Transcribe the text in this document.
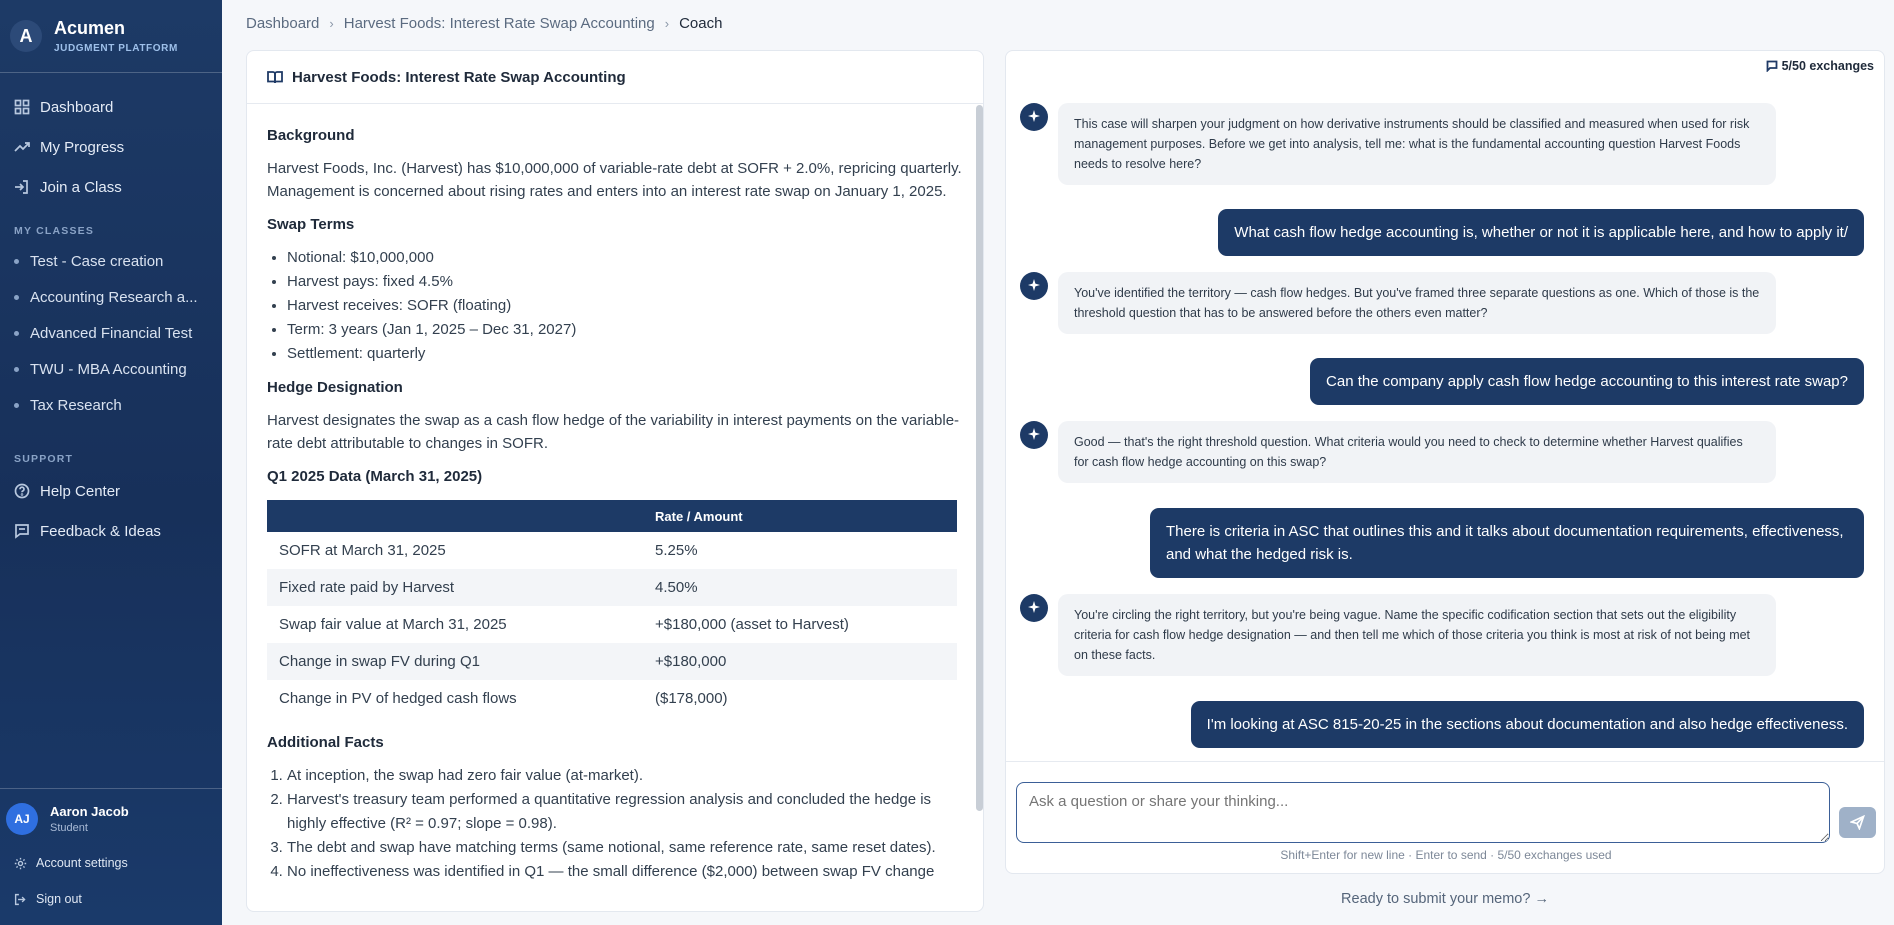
A	Acumen
JUDGMENT PLATFORM
Dashboard
My Progress
Join a Class
MY CLASSES
Test - Case creation
Accounting Research a...
Advanced Financial Test
TWU - MBA Accounting
Tax Research
SUPPORT
Help Center
Feedback & Ideas
AJ	Aaron Jacob
Student
Account settings
Sign out
Dashboard › Harvest Foods: Interest Rate Swap Accounting › Coach
Harvest Foods: Interest Rate Swap Accounting
Background

Harvest Foods, Inc. (Harvest) has $10,000,000 of variable-rate debt at SOFR + 2.0%, repricing quarterly. Management is concerned about rising rates and enters into an interest rate swap on January 1, 2025.

Swap Terms
• Notional: $10,000,000
• Harvest pays: fixed 4.5%
• Harvest receives: SOFR (floating)
• Term: 3 years (Jan 1, 2025 – Dec 31, 2027)
• Settlement: quarterly
Hedge Designation

Harvest designates the swap as a cash flow hedge of the variability in interest payments on the variable-rate debt attributable to changes in SOFR.

Q1 2025 Data (March 31, 2025)
	Rate / Amount
SOFR at March 31, 2025	5.25%
Fixed rate paid by Harvest	4.50%
Swap fair value at March 31, 2025	+$180,000 (asset to Harvest)
Change in swap FV during Q1	+$180,000
Change in PV of hedged cash flows	($178,000)
Additional Facts
1. At inception, the swap had zero fair value (at-market).
2. Harvest's treasury team performed a quantitative regression analysis and concluded the hedge is highly effective (R² = 0.97; slope = 0.98).
3. The debt and swap have matching terms (same notional, same reference rate, same reset dates).
4. No ineffectiveness was identified in Q1 — the small difference ($2,000) between swap FV change
5/50 exchanges
This case will sharpen your judgment on how derivative instruments should be classified and measured when used for risk management purposes. Before we get into analysis, tell me: what is the fundamental accounting question Harvest Foods needs to resolve here?
What cash flow hedge accounting is, whether or not it is applicable here, and how to apply it/
You've identified the territory — cash flow hedges. But you've framed three separate questions as one. Which of those is the threshold question that has to be answered before the others even matter?
Can the company apply cash flow hedge accounting to this interest rate swap?
Good — that's the right threshold question. What criteria would you need to check to determine whether Harvest qualifies for cash flow hedge accounting on this swap?
There is criteria in ASC that outlines this and it talks about documentation requirements, effectiveness, and what the hedged risk is.
You're circling the right territory, but you're being vague. Name the specific codification section that sets out the eligibility criteria for cash flow hedge designation — and then tell me which of those criteria you think is most at risk of not being met on these facts.
I'm looking at ASC 815-20-25 in the sections about documentation and also hedge effectiveness.
Ask a question or share your thinking...
Shift+Enter for new line · Enter to send · 5/50 exchanges used
Ready to submit your memo? →
